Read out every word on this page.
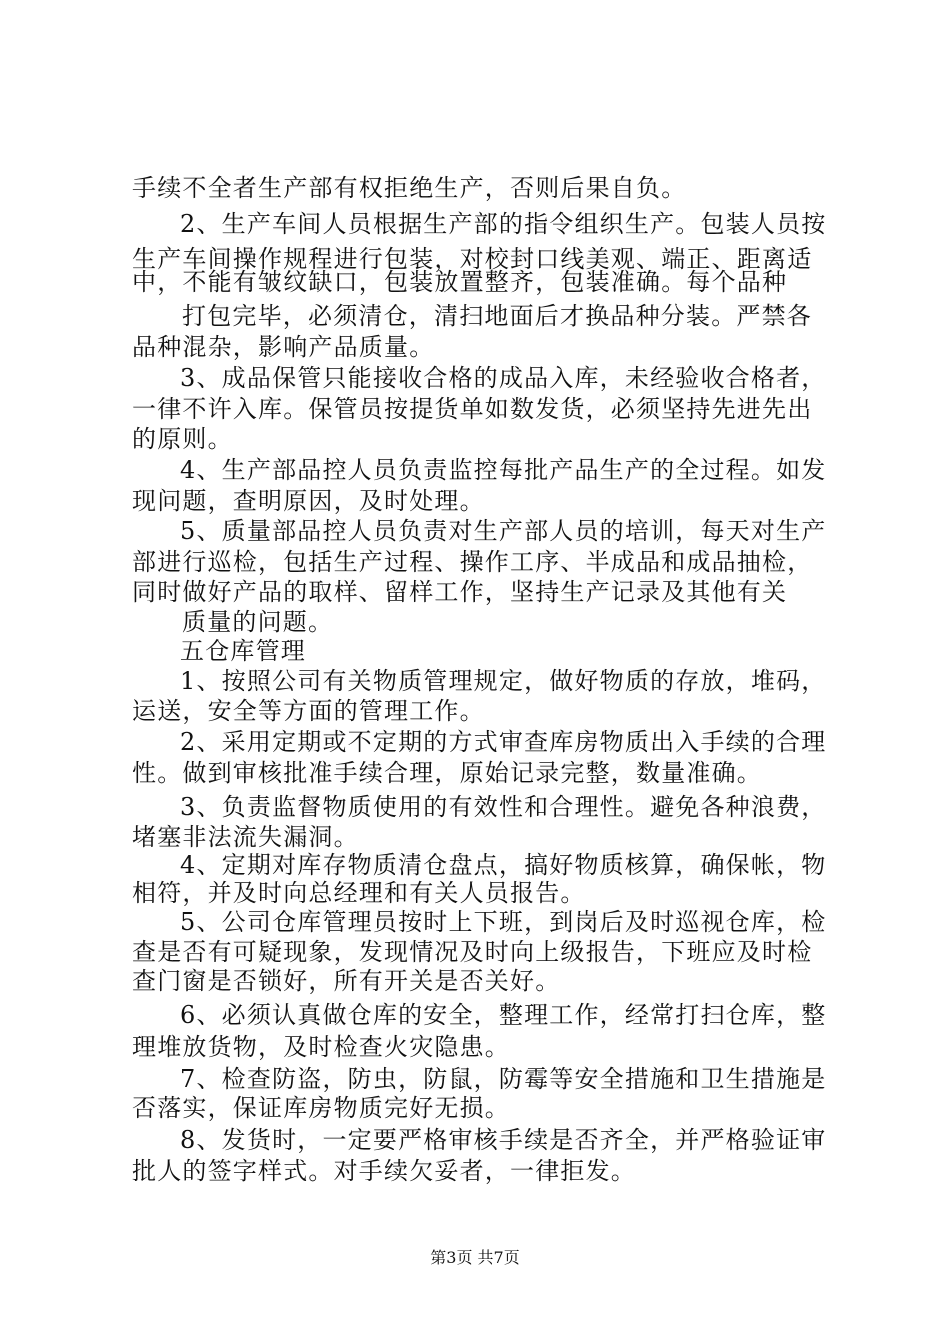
手续不全者生产部有权拒绝生产，否则后果自负。
2、生产车间人员根据生产部的指令组织生产。包装人员按
生产车间操作规程进行包装，对校封口线美观、端正、距离适
中，不能有皱纹缺口，包装放置整齐，包装准确。每个品种
打包完毕，必须清仓，清扫地面后才换品种分装。严禁各
品种混杂，影响产品质量。
3、成品保管只能接收合格的成品入库，未经验收合格者，
一律不许入库。保管员按提货单如数发货，必须坚持先进先出
的原则。
4、生产部品控人员负责监控每批产品生产的全过程。如发
现问题，查明原因，及时处理。
5、质量部品控人员负责对生产部人员的培训，每天对生产
部进行巡检，包括生产过程、操作工序、半成品和成品抽检，
同时做好产品的取样、留样工作，坚持生产记录及其他有关
质量的问题。
五仓库管理
1、按照公司有关物质管理规定，做好物质的存放，堆码，
运送，安全等方面的管理工作。
2、采用定期或不定期的方式审查库房物质出入手续的合理
性。做到审核批准手续合理，原始记录完整，数量准确。
3、负责监督物质使用的有效性和合理性。避免各种浪费，
堵塞非法流失漏洞。
4、定期对库存物质清仓盘点，搞好物质核算，确保帐，物
相符，并及时向总经理和有关人员报告。
5、公司仓库管理员按时上下班，到岗后及时巡视仓库，检
查是否有可疑现象，发现情况及时向上级报告，下班应及时检
查门窗是否锁好，所有开关是否关好。
6、必须认真做仓库的安全，整理工作，经常打扫仓库，整
理堆放货物，及时检查火灾隐患。
7、检查防盗，防虫，防鼠，防霉等安全措施和卫生措施是
否落实，保证库房物质完好无损。
8、发货时，一定要严格审核手续是否齐全，并严格验证审
批人的签字样式。对手续欠妥者，一律拒发。
第3页 共7页
